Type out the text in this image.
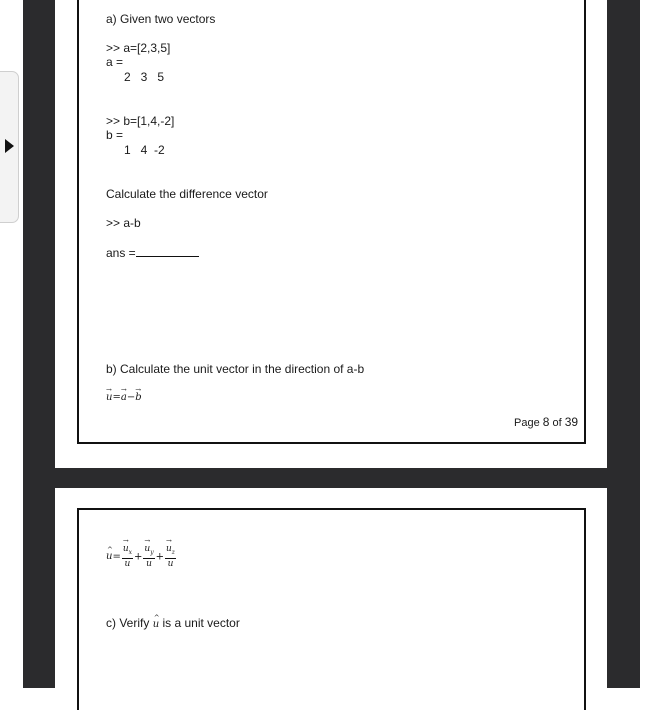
a) Given two vectors
>> a=[2,3,5]
a =
2   3   5
>> b=[1,4,-2]
b =
1   4  -2
Calculate the difference vector
>> a-b
ans =
b) Calculate the unit vector in the direction of a-b
→ u=→ a−→ b
Page 8 of 39
^ u=
→ $\frac{u_x}{u}$ +
→ $\frac{u_y}{u}$ +
→ $\frac{u_z}{u}$
c) Verify ^ u is a unit vector
